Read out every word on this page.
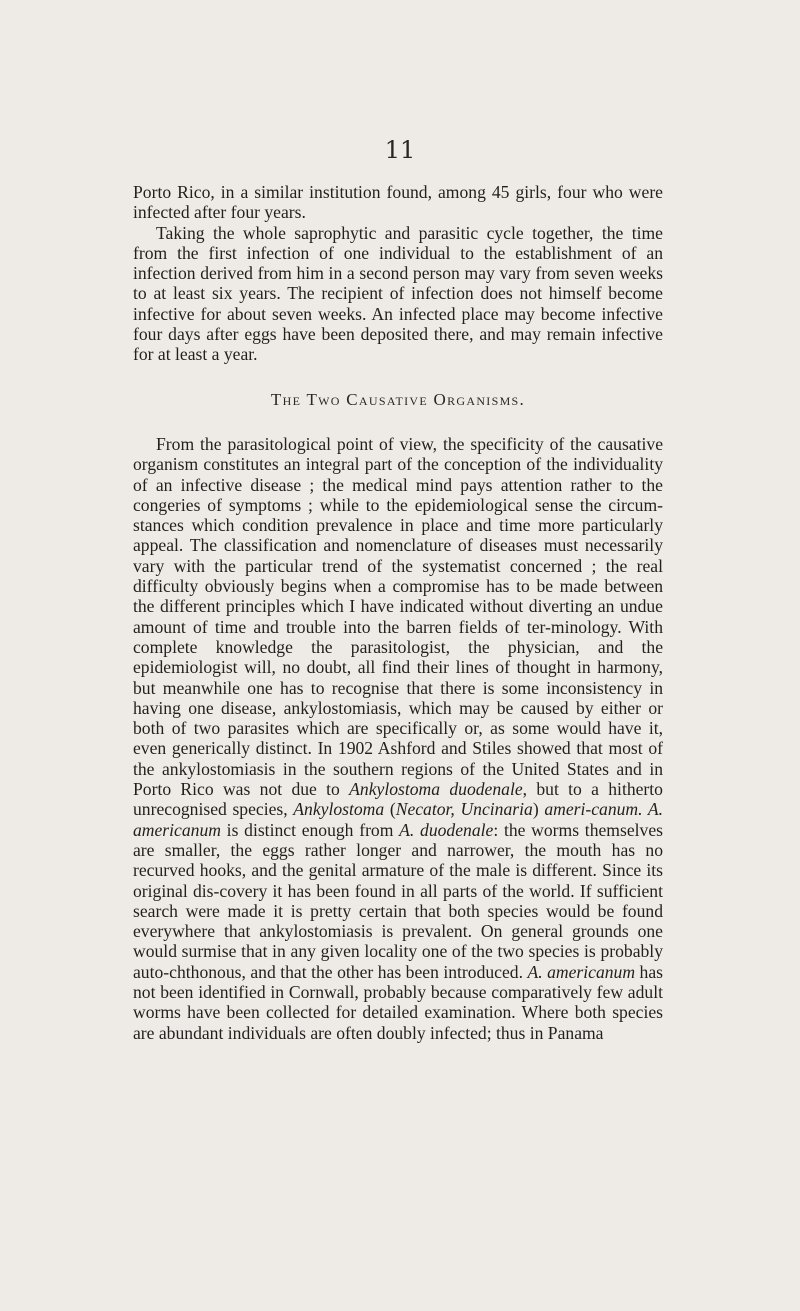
11

Porto Rico, in a similar institution found, among 45 girls, four who were infected after four years.

Taking the whole saprophytic and parasitic cycle together, the time from the first infection of one individual to the establishment of an infection derived from him in a second person may vary from seven weeks to at least six years. The recipient of infection does not himself become infective for about seven weeks. An infected place may become infective four days after eggs have been deposited there, and may remain infective for at least a year.

The Two Causative Organisms.

From the parasitological point of view, the specificity of the causative organism constitutes an integral part of the conception of the individuality of an infective disease ; the medical mind pays attention rather to the congeries of symptoms ; while to the epidemiological sense the circum-stances which condition prevalence in place and time more particularly appeal. The classification and nomenclature of diseases must necessarily vary with the particular trend of the systematist concerned ; the real difficulty obviously begins when a compromise has to be made between the different principles which I have indicated without diverting an undue amount of time and trouble into the barren fields of ter-minology. With complete knowledge the parasitologist, the physician, and the epidemiologist will, no doubt, all find their lines of thought in harmony, but meanwhile one has to recognise that there is some inconsistency in having one disease, ankylostomiasis, which may be caused by either or both of two parasites which are specifically or, as some would have it, even generically distinct. In 1902 Ashford and Stiles showed that most of the ankylostomiasis in the southern regions of the United States and in Porto Rico was not due to Ankylostoma duodenale, but to a hitherto unrecognised species, Ankylostoma (Necator, Uncinaria) ameri-canum. A. americanum is distinct enough from A. duodenale: the worms themselves are smaller, the eggs rather longer and narrower, the mouth has no recurved hooks, and the genital armature of the male is different. Since its original dis-covery it has been found in all parts of the world. If sufficient search were made it is pretty certain that both species would be found everywhere that ankylostomiasis is prevalent. On general grounds one would surmise that in any given locality one of the two species is probably auto-chthonous, and that the other has been introduced. A. americanum has not been identified in Cornwall, probably because comparatively few adult worms have been collected for detailed examination. Where both species are abundant individuals are often doubly infected; thus in Panama
